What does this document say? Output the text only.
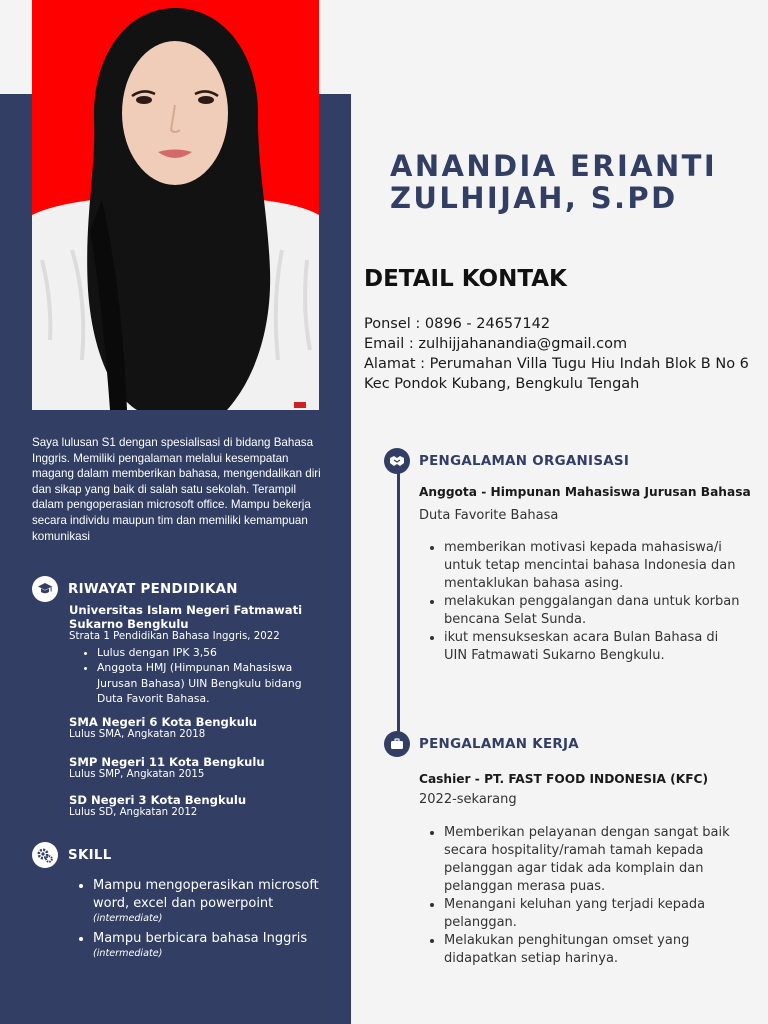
Saya lulusan S1 dengan spesialisasi di bidang Bahasa Inggris. Memiliki pengalaman melalui kesempatan magang dalam memberikan bahasa, mengendalikan diri dan sikap yang baik di salah satu sekolah. Terampil dalam pengoperasian microsoft office. Mampu bekerja secara individu maupun tim dan memiliki kemampuan komunikasi

RIWAYAT PENDIDIKAN
Universitas Islam Negeri Fatmawati Sukarno Bengkulu
Strata 1 Pendidikan Bahasa Inggris, 2022
• Lulus dengan IPK 3,56
• Anggota HMJ (Himpunan Mahasiswa Jurusan Bahasa) UIN Bengkulu bidang Duta Favorit Bahasa.
SMA Negeri 6 Kota Bengkulu
Lulus SMA, Angkatan 2018
SMP Negeri 11 Kota Bengkulu
Lulus SMP, Angkatan 2015
SD Negeri 3 Kota Bengkulu
Lulus SD, Angkatan 2012
SKILL
• Mampu mengoperasikan microsoft word, excel dan powerpoint
(intermediate)
• Mampu berbicara bahasa Inggris
(intermediate)
ANANDIA ERIANTI
ZULHIJAH, S.PD
DETAIL KONTAK
Ponsel : 0896 - 24657142
Email : zulhijjahanandia@gmail.com
Alamat : Perumahan Villa Tugu Hiu Indah Blok B No 6
Kec Pondok Kubang, Bengkulu Tengah
PENGALAMAN ORGANISASI

Anggota - Himpunan Mahasiswa Jurusan Bahasa

Duta Favorite Bahasa

• memberikan motivasi kepada mahasiswa/i untuk tetap mencintai bahasa Indonesia dan mentaklukan bahasa asing.
• melakukan penggalangan dana untuk korban bencana Selat Sunda.
• ikut mensukseskan acara Bulan Bahasa di UIN Fatmawati Sukarno Bengkulu.
PENGALAMAN KERJA

Cashier - PT. FAST FOOD INDONESIA (KFC)

2022-sekarang

• Memberikan pelayanan dengan sangat baik secara hospitality/ramah tamah kepada pelanggan agar tidak ada komplain dan pelanggan merasa puas.
• Menangani keluhan yang terjadi kepada pelanggan.
• Melakukan penghitungan omset yang didapatkan setiap harinya.
